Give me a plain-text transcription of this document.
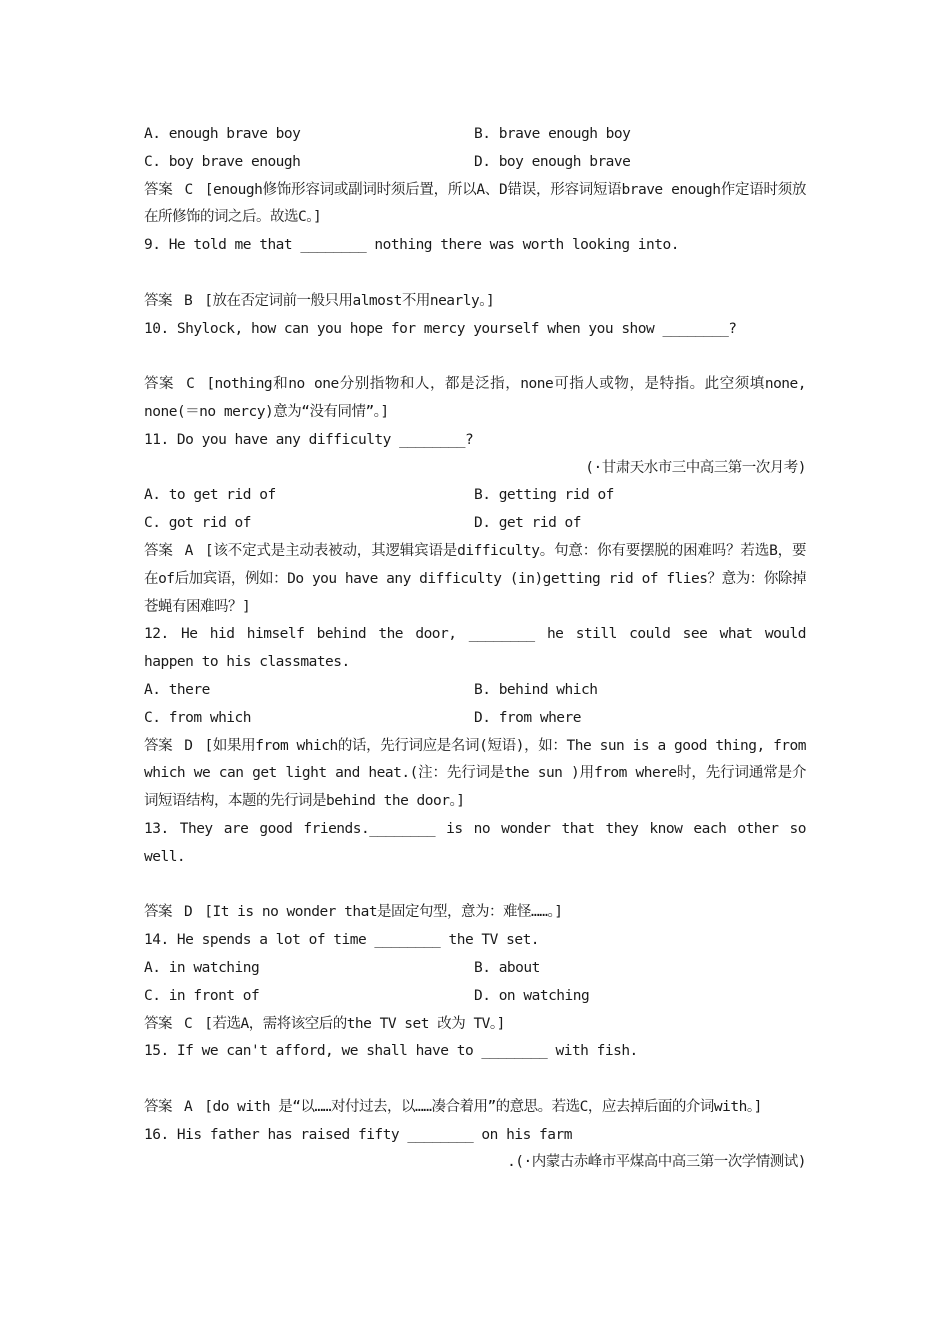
A. enough brave boy	B. brave enough boy
C. boy brave enough	D. boy enough brave
答案 C [enough修饰形容词或副词时须后置，所以A、D错误，形容词短语brave enough作定语时须放在所修饰的词之后。故选C。]
9. He told me that ________ nothing there was worth looking into.

答案 B [放在否定词前一般只用almost不用nearly。]
10. Shylock, how can you hope for mercy yourself when you show ________?

答案 C [nothing和no one分别指物和人，都是泛指，none可指人或物，是特指。此空须填none, none(＝no mercy)意为“没有同情”。]
11. Do you have any difficulty ________?
(·甘肃天水市三中高三第一次月考)
A. to get rid of	B. getting rid of
C. got rid of	D. get rid of
答案 A [该不定式是主动表被动，其逻辑宾语是difficulty。句意：你有要摆脱的困难吗？若选B，要在of后加宾语，例如：Do you have any difficulty (in)getting rid of flies？意为：你除掉苍蝇有困难吗？]
12. He hid himself behind the door, ________ he still could see what would happen to his classmates.
A. there	B. behind which
C. from which	D. from where
答案 D [如果用from which的话，先行词应是名词(短语)，如：The sun is a good thing, from which we can get light and heat.(注：先行词是the sun )用from where时，先行词通常是介词短语结构，本题的先行词是behind the door。]
13. They are good friends.________ is no wonder that they know each other so well.

答案 D [It is no wonder that是固定句型，意为：难怪……。]
14. He spends a lot of time ________ the TV set.
A. in watching	B. about
C. in front of	D. on watching
答案 C [若选A，需将该空后的the TV set 改为 TV。]
15. If we can't afford, we shall have to ________ with fish.

答案 A [do with 是“以……对付过去，以……凑合着用”的意思。若选C，应去掉后面的介词with。]
16. His father has raised fifty ________ on his farm
.(·内蒙古赤峰市平煤高中高三第一次学情测试)
